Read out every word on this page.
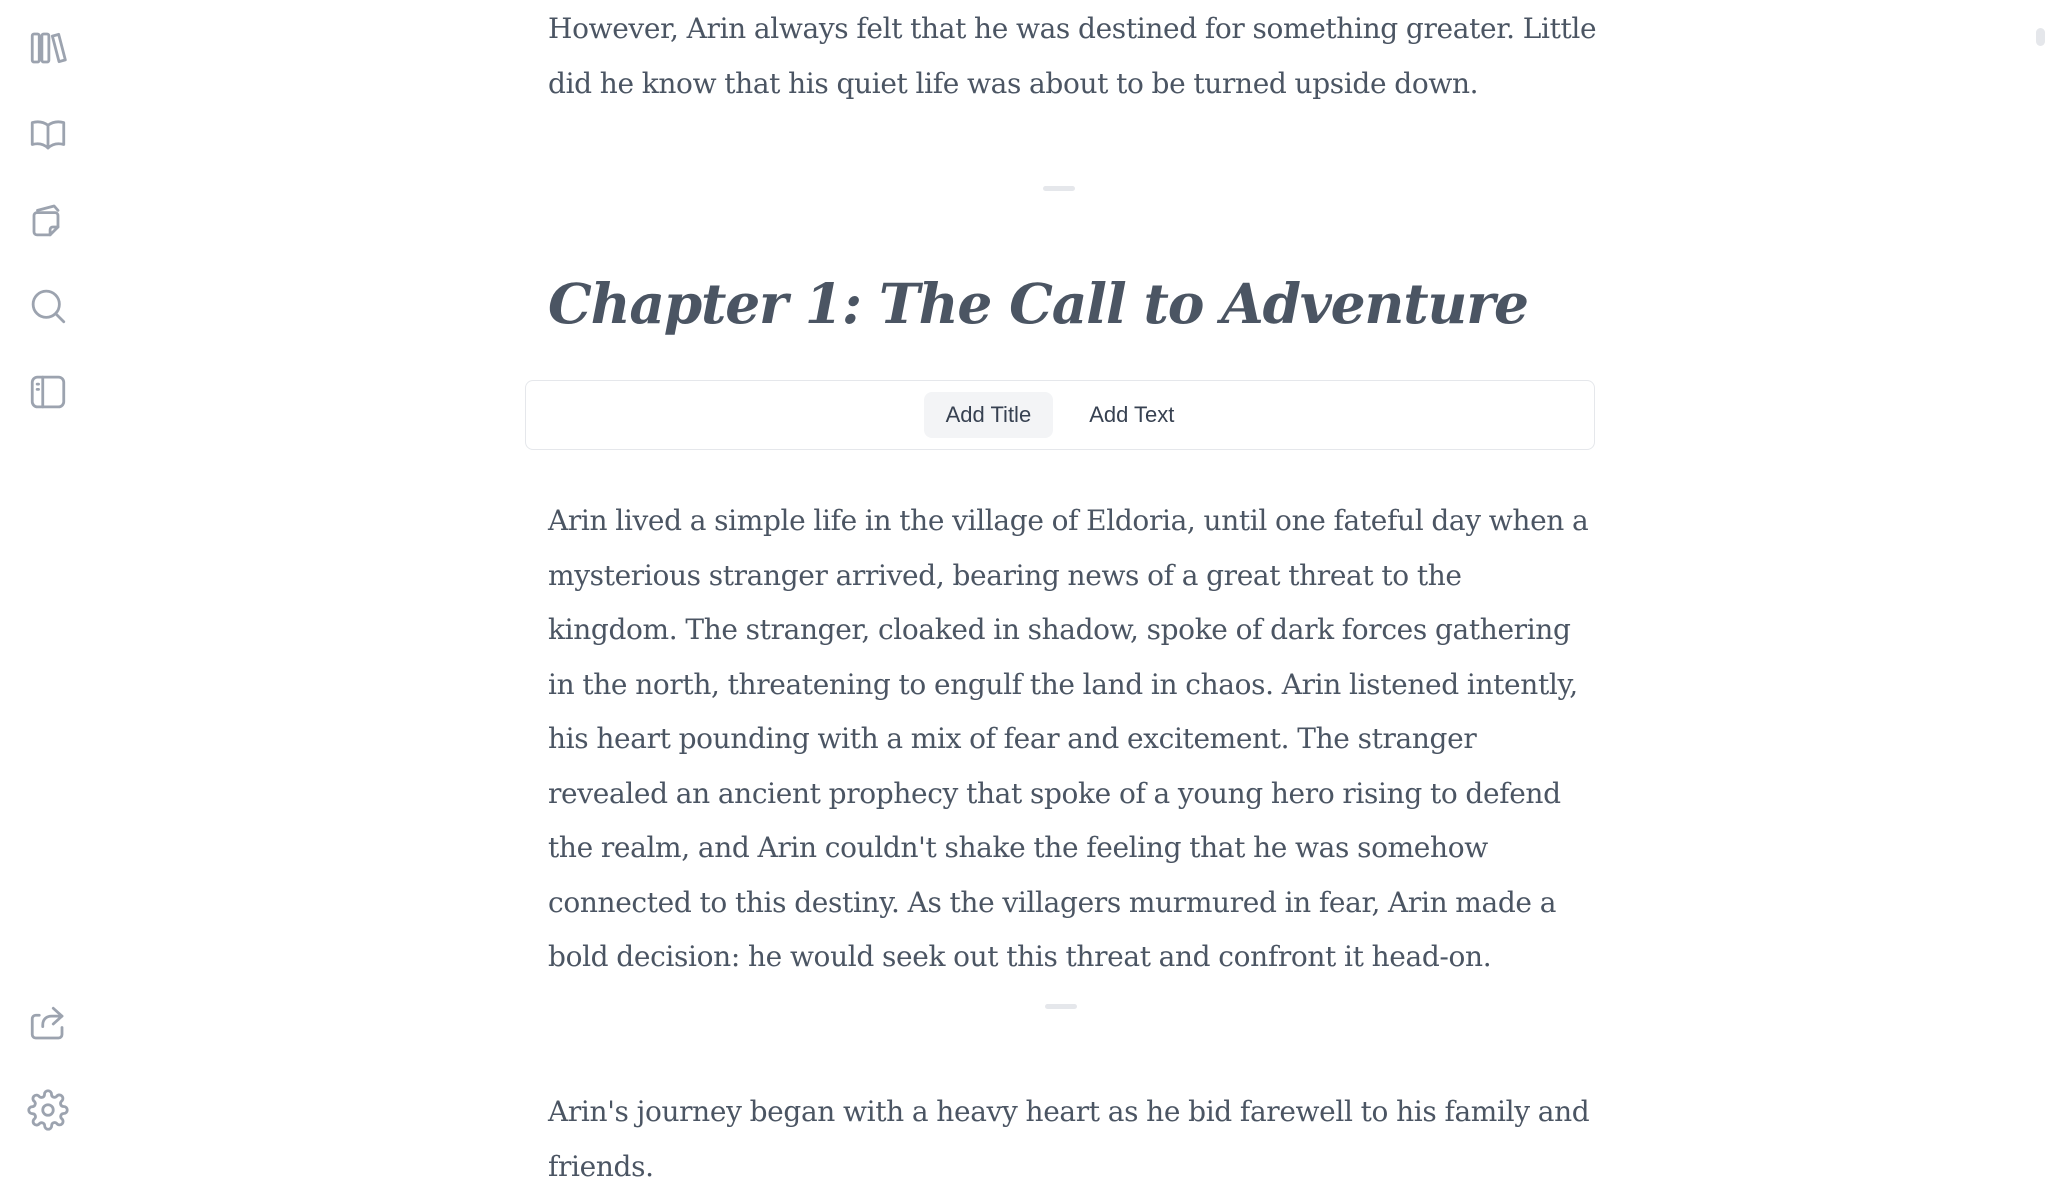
However, Arin always felt that he was destined for something greater. Little did he know that his quiet life was about to be turned upside down.

Chapter 1: The Call to Adventure
Add Title	Add Text

Arin lived a simple life in the village of Eldoria, until one fateful day when a mysterious stranger arrived, bearing news of a great threat to the kingdom. The stranger, cloaked in shadow, spoke of dark forces gathering in the north, threatening to engulf the land in chaos. Arin listened intently, his heart pounding with a mix of fear and excitement. The stranger revealed an ancient prophecy that spoke of a young hero rising to defend the realm, and Arin couldn't shake the feeling that he was somehow connected to this destiny. As the villagers murmured in fear, Arin made a bold decision: he would seek out this threat and confront it head-on.

Arin's journey began with a heavy heart as he bid farewell to his family and friends.
